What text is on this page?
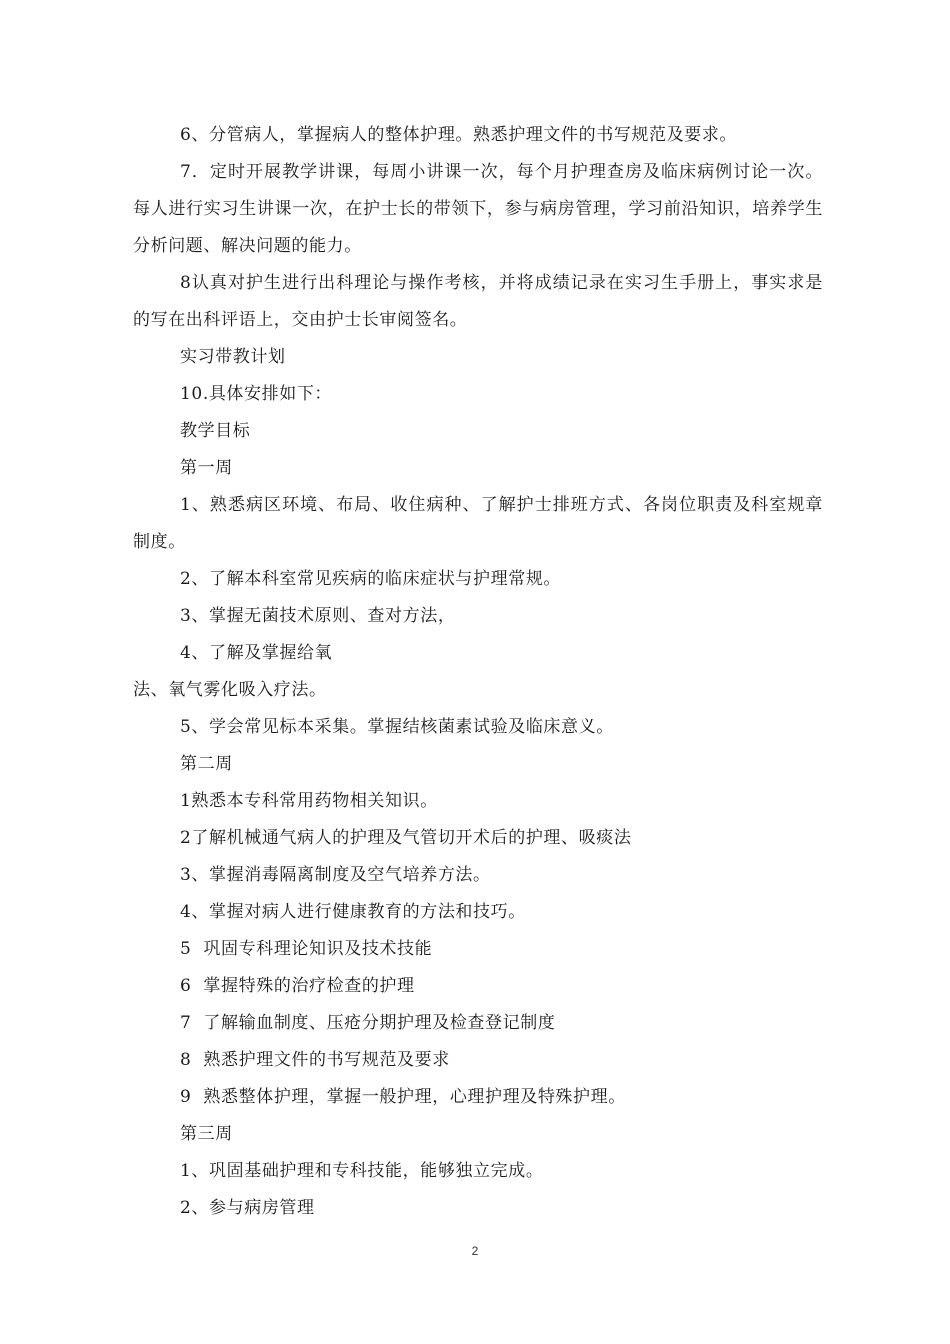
6、分管病人，掌握病人的整体护理。熟悉护理文件的书写规范及要求。

7．定时开展教学讲课，每周小讲课一次，每个月护理查房及临床病例讨论一次。每人进行实习生讲课一次，在护士长的带领下，参与病房管理，学习前沿知识，培养学生分析问题、解决问题的能力。

8认真对护生进行出科理论与操作考核，并将成绩记录在实习生手册上，事实求是的写在出科评语上，交由护士长审阅签名。

实习带教计划

10.具体安排如下：

教学目标

第一周

1、熟悉病区环境、布局、收住病种、了解护士排班方式、各岗位职责及科室规章制度。

2、了解本科室常见疾病的临床症状与护理常规。

3、掌握无菌技术原则、查对方法，

4、了解及掌握给氧

法、氧气雾化吸入疗法。

5、学会常见标本采集。掌握结核菌素试验及临床意义。

第二周

1熟悉本专科常用药物相关知识。

2了解机械通气病人的护理及气管切开术后的护理、吸痰法

3、掌握消毒隔离制度及空气培养方法。

4、掌握对病人进行健康教育的方法和技巧。

5  巩固专科理论知识及技术技能

6  掌握特殊的治疗检查的护理

7  了解输血制度、压疮分期护理及检查登记制度

8  熟悉护理文件的书写规范及要求

9  熟悉整体护理，掌握一般护理，心理护理及特殊护理。

第三周

1、巩固基础护理和专科技能，能够独立完成。

2、参与病房管理

2
